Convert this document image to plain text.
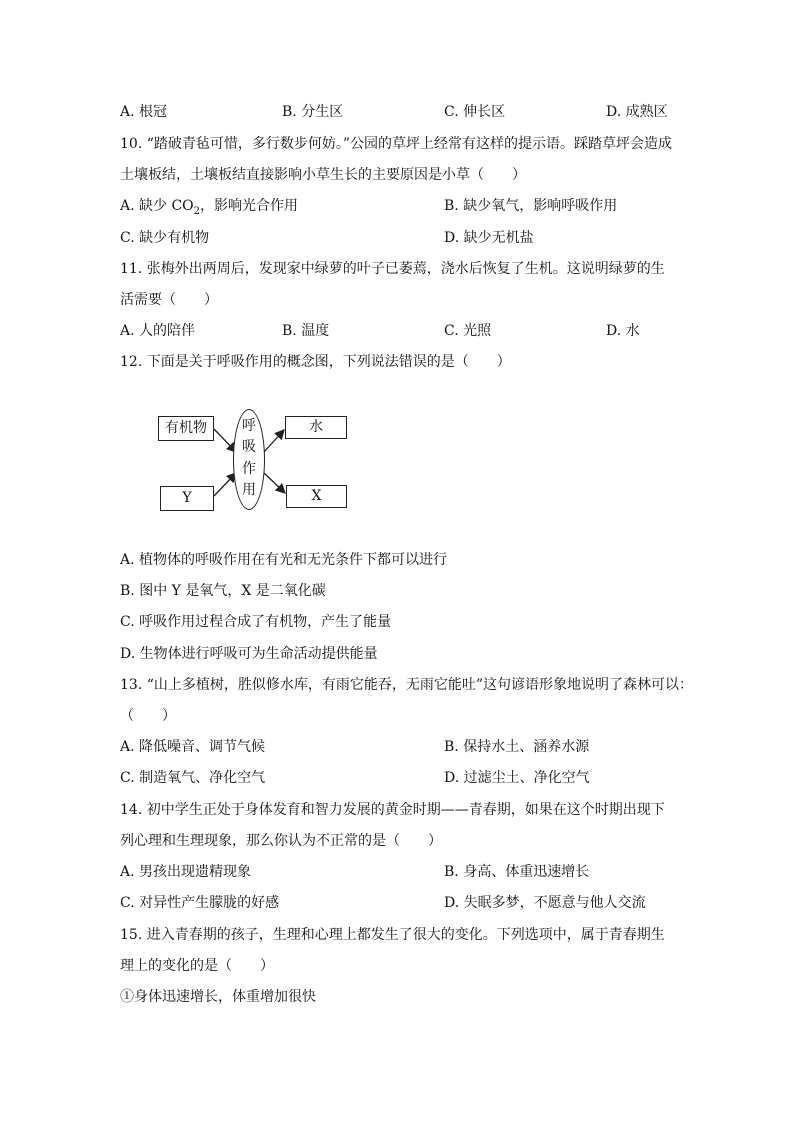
A. 根冠	B. 分生区	C. 伸长区	D. 成熟区
10. “踏破青毡可惜，多行数步何妨。”公园的草坪上经常有这样的提示语。踩踏草坪会造成
土壤板结，土壤板结直接影响小草生长的主要原因是小草（　　）
A. 缺少 $CO_2$，影响光合作用	B. 缺少氧气，影响呼吸作用
C. 缺少有机物	D. 缺少无机盐
11. 张梅外出两周后，发现家中绿萝的叶子已萎蔫，浇水后恢复了生机。这说明绿萝的生
活需要（　　）
A. 人的陪伴	B. 温度	C. 光照	D. 水
12. 下面是关于呼吸作用的概念图，下列说法错误的是（　　）
有机物
Y
呼
吸
作
用
水
X
A. 植物体的呼吸作用在有光和无光条件下都可以进行
B. 图中 Y 是氧气，X 是二氧化碳
C. 呼吸作用过程合成了有机物，产生了能量
D. 生物体进行呼吸可为生命活动提供能量
13. “山上多植树，胜似修水库，有雨它能吞，无雨它能吐”这句谚语形象地说明了森林可以：
（　　）
A. 降低噪音、调节气候	B. 保持水土、涵养水源
C. 制造氧气、净化空气	D. 过滤尘土、净化空气
14. 初中学生正处于身体发育和智力发展的黄金时期——青春期，如果在这个时期出现下
列心理和生理现象，那么你认为不正常的是（　　）
A. 男孩出现遗精现象	B. 身高、体重迅速增长
C. 对异性产生朦胧的好感	D. 失眠多梦，不愿意与他人交流
15. 进入青春期的孩子，生理和心理上都发生了很大的变化。下列选项中，属于青春期生
理上的变化的是（　　）
①身体迅速增长，体重增加很快
